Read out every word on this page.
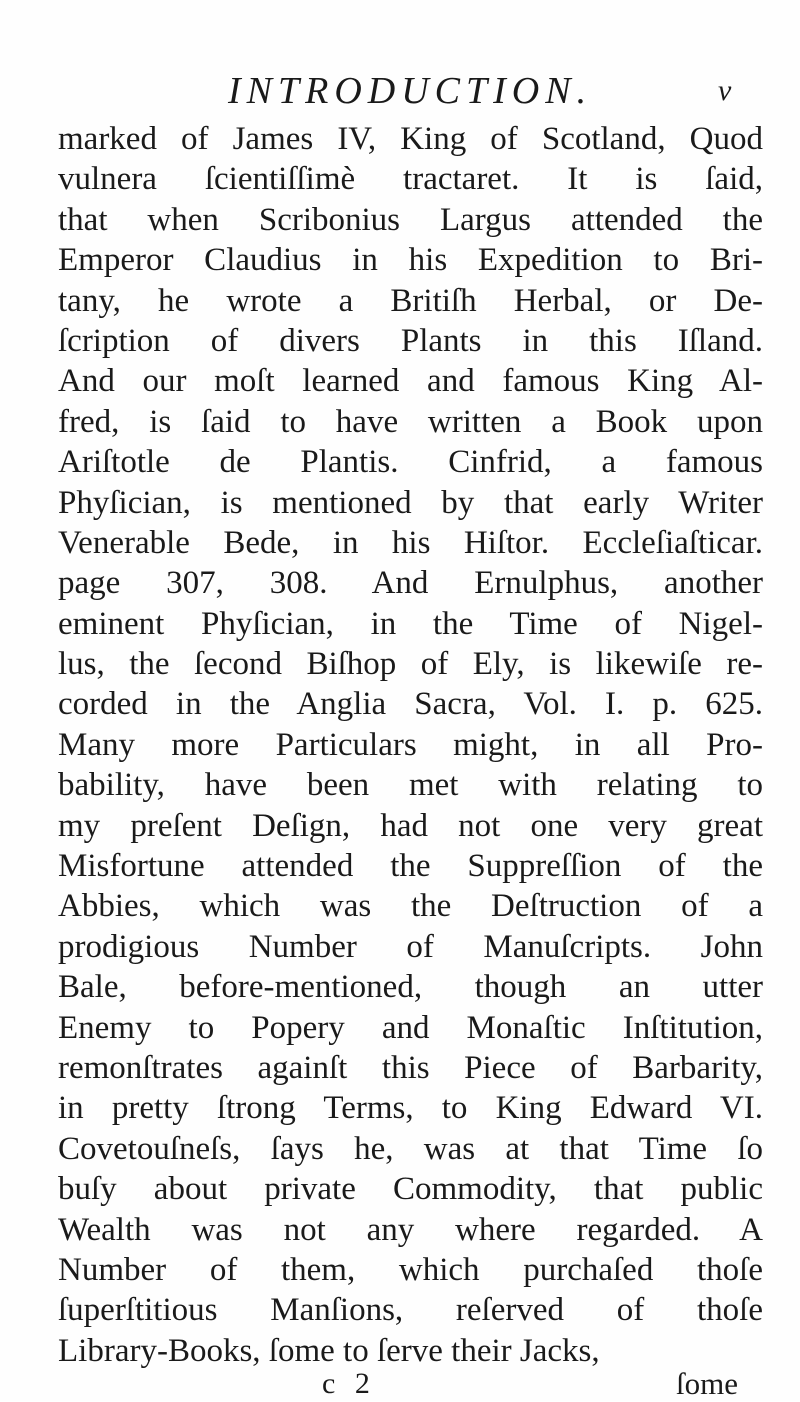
INTRODUCTION.	v
marked of James IV, King of Scotland, Quod
vulnera ſcientiſſimè tractaret. It is ſaid,
that when Scribonius Largus attended the
Emperor Claudius in his Expedition to Bri-
tany, he wrote a Britiſh Herbal, or De-
ſcription of divers Plants in this Iſland.
And our moſt learned and famous King Al-
fred, is ſaid to have written a Book upon
Ariſtotle de Plantis. Cinfrid, a famous
Phyſician, is mentioned by that early Writer
Venerable Bede, in his Hiſtor. Eccleſiaſticar.
page 307, 308. And Ernulphus, another
eminent Phyſician, in the Time of Nigel-
lus, the ſecond Biſhop of Ely, is likewiſe re-
corded in the Anglia Sacra, Vol. I. p. 625.
Many more Particulars might, in all Pro-
bability, have been met with relating to
my preſent Deſign, had not one very great
Misfortune attended the Suppreſſion of the
Abbies, which was the Deſtruction of a
prodigious Number of Manuſcripts. John
Bale, before-mentioned, though an utter
Enemy to Popery and Monaſtic Inſtitution,
remonſtrates againſt this Piece of Barbarity,
in pretty ſtrong Terms, to King Edward VI.
Covetouſneſs, ſays he, was at that Time ſo
buſy about private Commodity, that public
Wealth was not any where regarded. A
Number of them, which purchaſed thoſe
ſuperſtitious Manſions, reſerved of thoſe
Library-Books, ſome to ſerve their Jacks,
c 2	ſome
